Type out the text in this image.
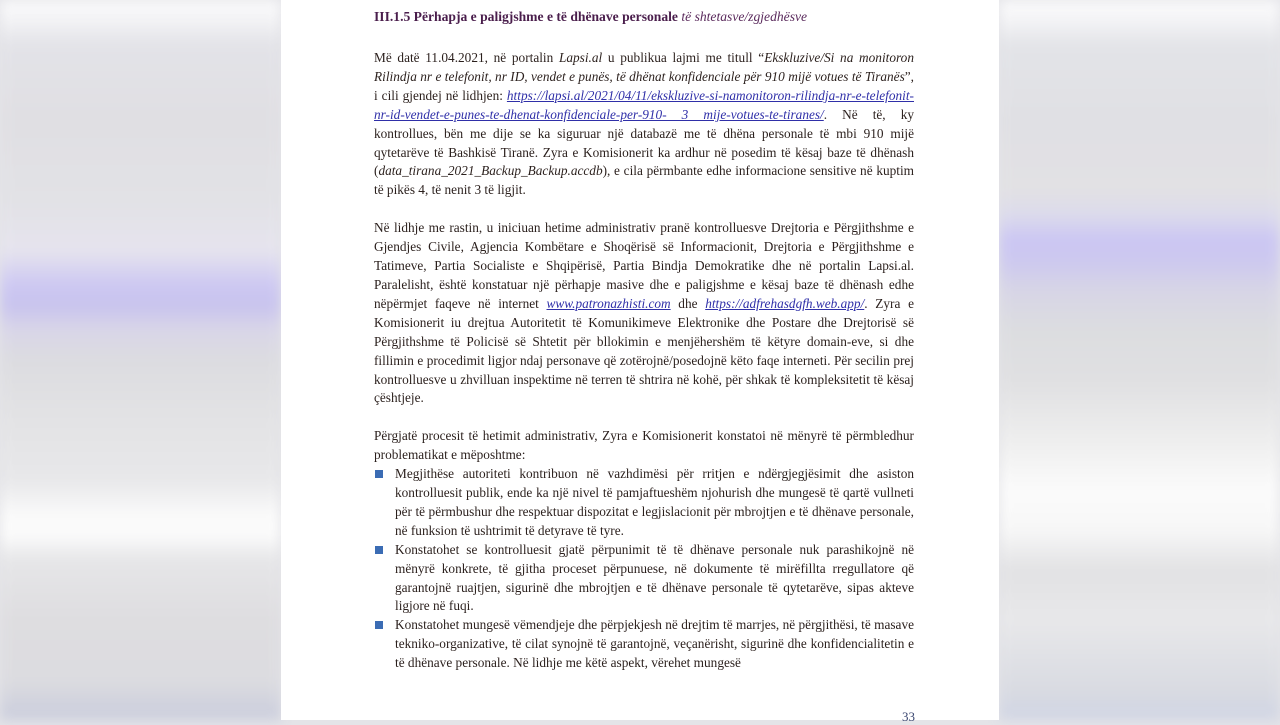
III.1.5 Përhapja e paligjshme e të dhënave personale të shtetasve/zgjedhësve

Më datë 11.04.2021, në portalin Lapsi.al u publikua lajmi me titull “Ekskluzive/Si na monitoron Rilindja nr e telefonit, nr ID, vendet e punës, të dhënat konfidenciale për 910 mijë votues të Tiranës”, i cili gjendej në lidhjen: https://lapsi.al/2021/04/11/ekskluzive-si-namonitoron-rilindja-nr-e-telefonit-nr-id-vendet-e-punes-te-dhenat-konfidenciale-per-910- 3 mije-votues-te-tiranes/. Në të, ky kontrollues, bën me dije se ka siguruar një databazë me të dhëna personale të mbi 910 mijë qytetarëve të Bashkisë Tiranë. Zyra e Komisionerit ka ardhur në posedim të kësaj baze të dhënash (data_tirana_2021_Backup_Backup.accdb), e cila përmbante edhe informacione sensitive në kuptim të pikës 4, të nenit 3 të ligjit.

Në lidhje me rastin, u iniciuan hetime administrativ pranë kontrolluesve Drejtoria e Përgjithshme e Gjendjes Civile, Agjencia Kombëtare e Shoqërisë së Informacionit, Drejtoria e Përgjithshme e Tatimeve, Partia Socialiste e Shqipërisë, Partia Bindja Demokratike dhe në portalin Lapsi.al. Paralelisht, është konstatuar një përhapje masive dhe e paligjshme e kësaj baze të dhënash edhe nëpërmjet faqeve në internet www.patronazhisti.com dhe https://adfrehasdgfh.web.app/. Zyra e Komisionerit iu drejtua Autoritetit të Komunikimeve Elektronike dhe Postare dhe Drejtorisë së Përgjithshme të Policisë së Shtetit për bllokimin e menjëhershëm të këtyre domain-eve, si dhe fillimin e procedimit ligjor ndaj personave që zotërojnë/posedojnë këto faqe interneti. Për secilin prej kontrolluesve u zhvilluan inspektime në terren të shtrira në kohë, për shkak të kompleksitetit të kësaj çështjeje.

Përgjatë procesit të hetimit administrativ, Zyra e Komisionerit konstatoi në mënyrë të përmbledhur problematikat e mëposhtme:

Megjithëse autoriteti kontribuon në vazhdimësi për rritjen e ndërgjegjësimit dhe asiston kontrolluesit publik, ende ka një nivel të pamjaftueshëm njohurish dhe mungesë të qartë vullneti për të përmbushur dhe respektuar dispozitat e legjislacionit për mbrojtjen e të dhënave personale, në funksion të ushtrimit të detyrave të tyre.
Konstatohet se kontrolluesit gjatë përpunimit të të dhënave personale nuk parashikojnë në mënyrë konkrete, të gjitha proceset përpunuese, në dokumente të mirëfillta rregullatore që garantojnë ruajtjen, sigurinë dhe mbrojtjen e të dhënave personale të qytetarëve, sipas akteve ligjore në fuqi.
Konstatohet mungesë vëmendjeje dhe përpjekjesh në drejtim të marrjes, në përgjithësi, të masave tekniko-organizative, të cilat synojnë të garantojnë, veçanërisht, sigurinë dhe konfidencialitetin e të dhënave personale. Në lidhje me këtë aspekt, vërehet mungesë
33
